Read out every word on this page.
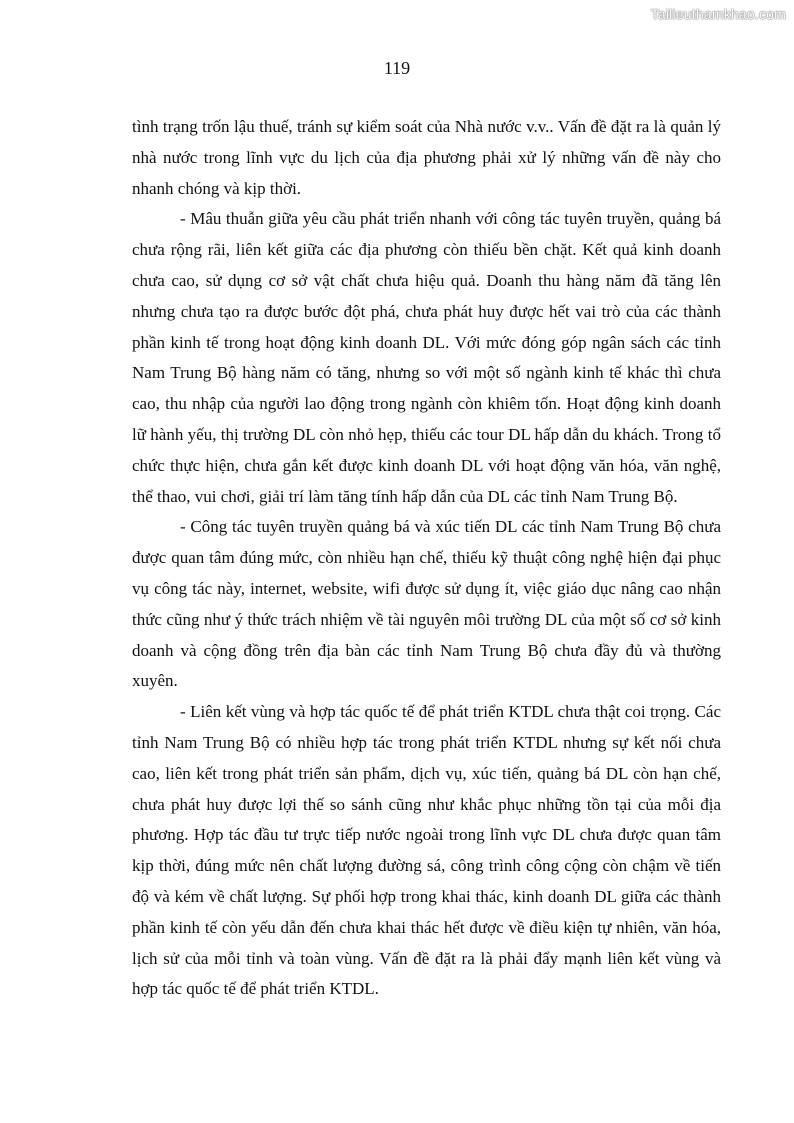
Tailieuthamkhao.com
119

tình trạng trốn lậu thuế, tránh sự kiểm soát của Nhà nước v.v.. Vấn đề đặt ra là quản lý nhà nước trong lĩnh vực du lịch của địa phương phải xử lý những vấn đề này cho nhanh chóng và kịp thời.

- Mâu thuẫn giữa yêu cầu phát triển nhanh với công tác tuyên truyền, quảng bá chưa rộng rãi, liên kết giữa các địa phương còn thiếu bền chặt. Kết quả kinh doanh chưa cao, sử dụng cơ sở vật chất chưa hiệu quả. Doanh thu hàng năm đã tăng lên nhưng chưa tạo ra được bước đột phá, chưa phát huy được hết vai trò của các thành phần kinh tế trong hoạt động kinh doanh DL. Với mức đóng góp ngân sách các tỉnh Nam Trung Bộ hàng năm có tăng, nhưng so với một số ngành kinh tế khác thì chưa cao, thu nhập của người lao động trong ngành còn khiêm tốn. Hoạt động kinh doanh lữ hành yếu, thị trường DL còn nhỏ hẹp, thiếu các tour DL hấp dẫn du khách. Trong tổ chức thực hiện, chưa gắn kết được kinh doanh DL với hoạt động văn hóa, văn nghệ, thể thao, vui chơi, giải trí làm tăng tính hấp dẫn của DL các tỉnh Nam Trung Bộ.

- Công tác tuyên truyền quảng bá và xúc tiến DL các tỉnh Nam Trung Bộ chưa được quan tâm đúng mức, còn nhiều hạn chế, thiếu kỹ thuật công nghệ hiện đại phục vụ công tác này, internet, website, wifi được sử dụng ít, việc giáo dục nâng cao nhận thức cũng như ý thức trách nhiệm về tài nguyên môi trường DL của một số cơ sở kinh doanh và cộng đồng trên địa bàn các tỉnh Nam Trung Bộ chưa đầy đủ và thường xuyên.

- Liên kết vùng và hợp tác quốc tế để phát triển KTDL chưa thật coi trọng. Các tỉnh Nam Trung Bộ có nhiều hợp tác trong phát triển KTDL nhưng sự kết nối chưa cao, liên kết trong phát triển sản phẩm, dịch vụ, xúc tiến, quảng bá DL còn hạn chế, chưa phát huy được lợi thế so sánh cũng như khắc phục những tồn tại của mỗi địa phương. Hợp tác đầu tư trực tiếp nước ngoài trong lĩnh vực DL chưa được quan tâm kịp thời, đúng mức nên chất lượng đường sá, công trình công cộng còn chậm về tiến độ và kém về chất lượng. Sự phối hợp trong khai thác, kinh doanh DL giữa các thành phần kinh tế còn yếu dẫn đến chưa khai thác hết được về điều kiện tự nhiên, văn hóa, lịch sử của mỗi tỉnh và toàn vùng. Vấn đề đặt ra là phải đẩy mạnh liên kết vùng và hợp tác quốc tế để phát triển KTDL.
